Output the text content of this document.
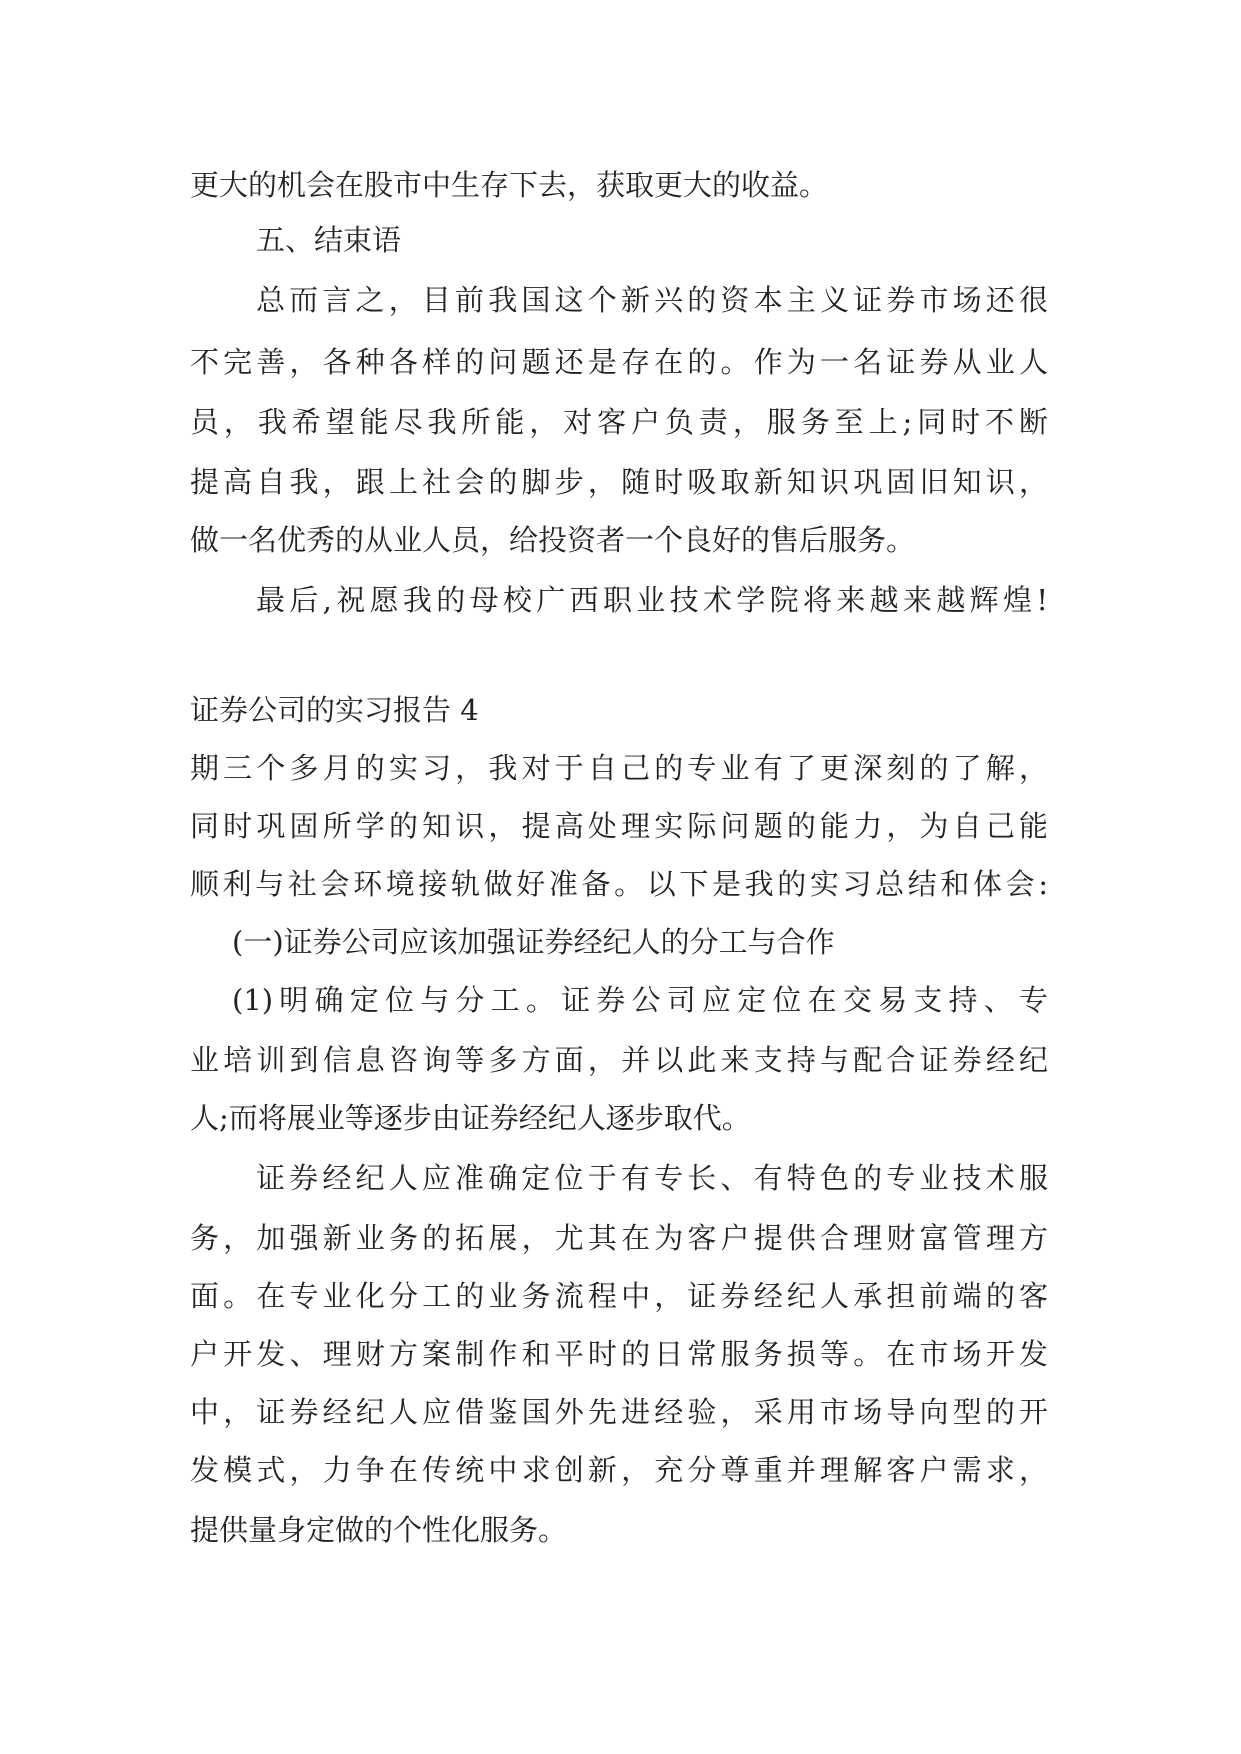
更大的机会在股市中生存下去，获取更大的收益。
五、结束语
总而言之，目前我国这个新兴的资本主义证券市场还很
不完善，各种各样的问题还是存在的。作为一名证券从业人
员，我希望能尽我所能，对客户负责，服务至上;同时不断
提高自我，跟上社会的脚步，随时吸取新知识巩固旧知识，
做一名优秀的从业人员，给投资者一个良好的售后服务。
最后,祝愿我的母校广西职业技术学院将来越来越辉煌!
证券公司的实习报告 4
期三个多月的实习，我对于自己的专业有了更深刻的了解，
同时巩固所学的知识，提高处理实际问题的能力，为自己能
顺利与社会环境接轨做好准备。以下是我的实习总结和体会:
(一)证券公司应该加强证券经纪人的分工与合作
(1)明确定位与分工。证券公司应定位在交易支持、专
业培训到信息咨询等多方面，并以此来支持与配合证券经纪
人;而将展业等逐步由证券经纪人逐步取代。
证券经纪人应准确定位于有专长、有特色的专业技术服
务，加强新业务的拓展，尤其在为客户提供合理财富管理方
面。在专业化分工的业务流程中，证券经纪人承担前端的客
户开发、理财方案制作和平时的日常服务损等。在市场开发
中，证券经纪人应借鉴国外先进经验，采用市场导向型的开
发模式，力争在传统中求创新，充分尊重并理解客户需求，
提供量身定做的个性化服务。
